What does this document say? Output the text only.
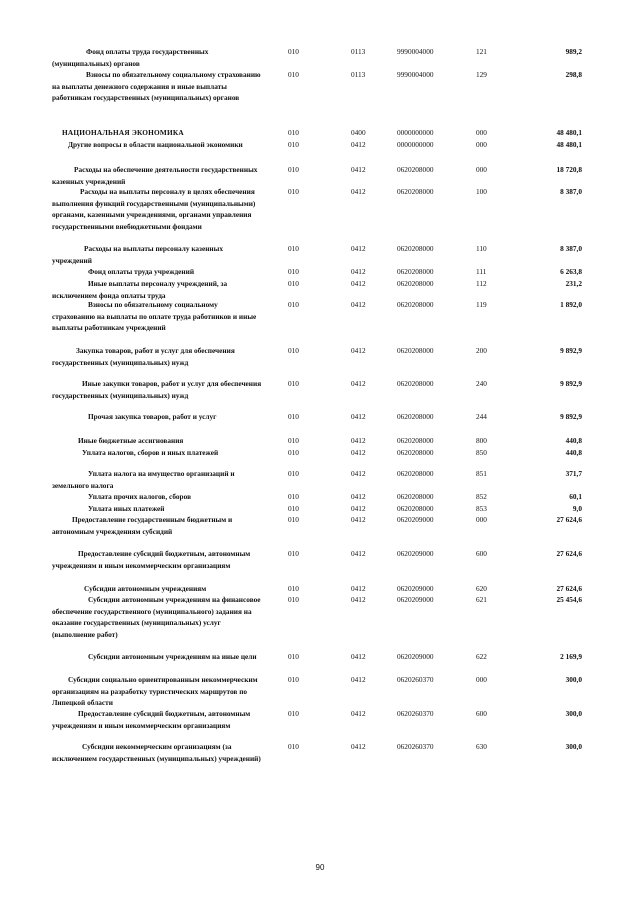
Фонд оплаты труда государственных (муниципальных) органов
010	0113	9990004000	121	989,2
Взносы по обязательному социальному страхованию на выплаты денежного содержания и иные выплаты работникам государственных (муниципальных) органов
010	0113	9990004000	129	298,8
НАЦИОНАЛЬНАЯ ЭКОНОМИКА	010	0400	0000000000	000	48 480,1
Другие вопросы в области национальной экономики	010	0412	0000000000	000	48 480,1
Расходы на обеспечение деятельности государственных казенных учреждений
010	0412	0620208000	000	18 720,8
Расходы на выплаты персоналу в целях обеспечения выполнения функций государственными (муниципальными) органами, казенными учреждениями, органами управления государственными внебюджетными фондами
010	0412	0620208000	100	8 387,0
Расходы на выплаты персоналу казенных учреждений
010	0412	0620208000	110	8 387,0
Фонд оплаты труда учреждений	010	0412	0620208000	111	6 263,8
Иные выплаты персоналу учреждений, за исключением фонда оплаты труда
010	0412	0620208000	112	231,2
Взносы по обязательному социальному страхованию на выплаты по оплате труда работников и иные выплаты работникам учреждений
010	0412	0620208000	119	1 892,0
Закупка товаров, работ и услуг для обеспечения государственных (муниципальных) нужд
010	0412	0620208000	200	9 892,9
Иные закупки товаров, работ и услуг для обеспечения государственных (муниципальных) нужд
010	0412	0620208000	240	9 892,9
Прочая закупка товаров, работ и услуг	010	0412	0620208000	244	9 892,9
Иные бюджетные ассигнования	010	0412	0620208000	800	440,8
Уплата налогов, сборов и иных платежей	010	0412	0620208000	850	440,8
Уплата налога на имущество организаций и земельного налога
010	0412	0620208000	851	371,7
Уплата прочих налогов, сборов	010	0412	0620208000	852	60,1
Уплата иных платежей	010	0412	0620208000	853	9,0
Предоставление государственным бюджетным и автономным учреждениям субсидий
010	0412	0620209000	000	27 624,6
Предоставление субсидий бюджетным, автономным учреждениям и иным некоммерческим организациям
010	0412	0620209000	600	27 624,6
Субсидии автономным учреждениям	010	0412	0620209000	620	27 624,6
Субсидии автономным учреждениям на финансовое обеспечение государственного (муниципального) задания на оказание государственных (муниципальных) услуг (выполнение работ)
010	0412	0620209000	621	25 454,6
Субсидии автономным учреждениям на иные цели	010	0412	0620209000	622	2 169,9
Субсидии социально ориентированным некоммерческим организациям на разработку туристических маршрутов по Липецкой области
010	0412	0620260370	000	300,0
Предоставление субсидий бюджетным, автономным учреждениям и иным некоммерческим организациям
010	0412	0620260370	600	300,0
Субсидии некоммерческим организациям (за исключением государственных (муниципальных) учреждений)
010	0412	0620260370	630	300,0
90
